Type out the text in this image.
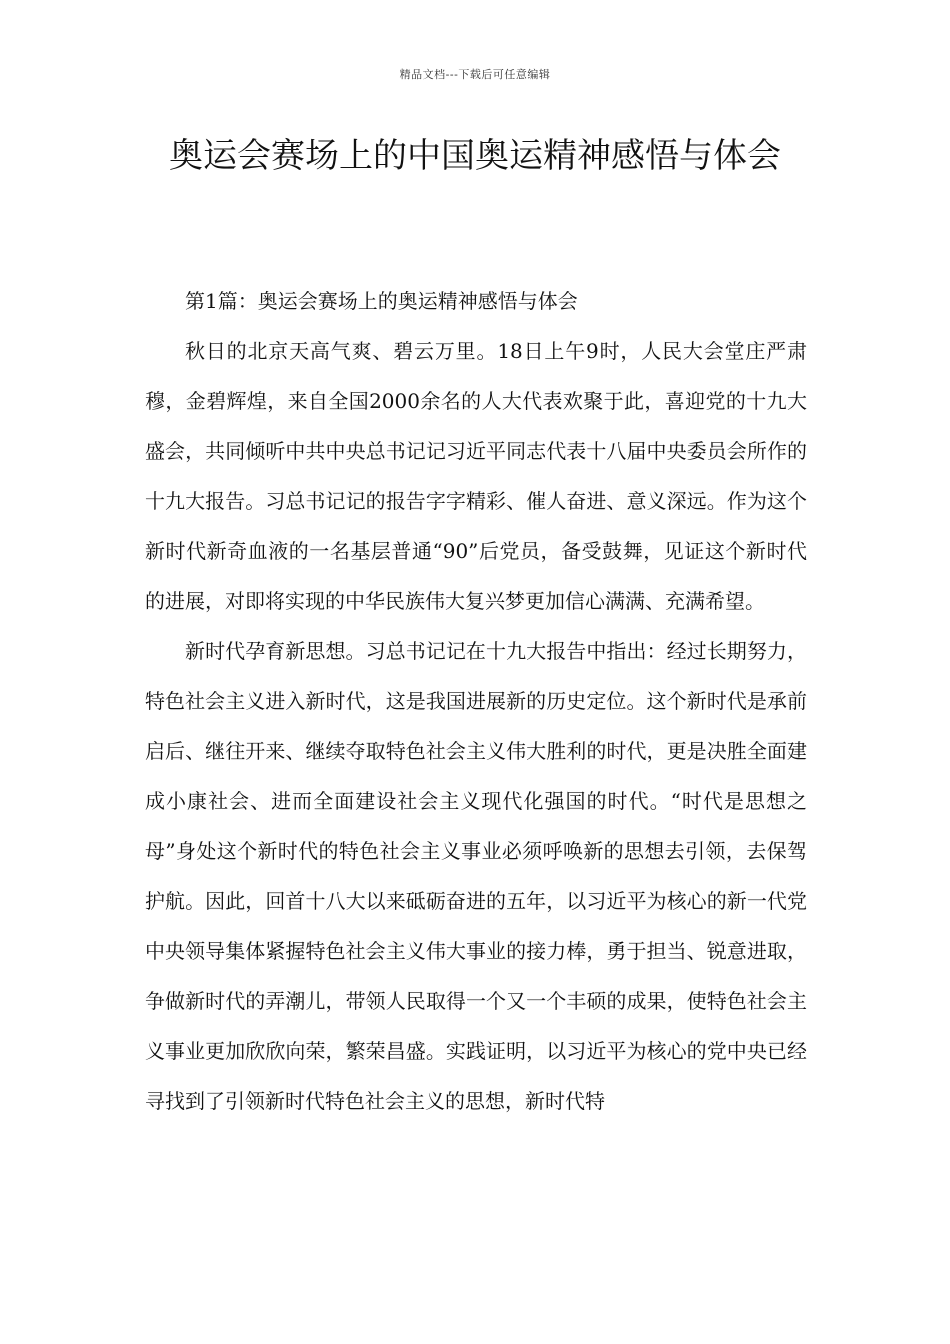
精品文档---下载后可任意编辑
奥运会赛场上的中国奥运精神感悟与体会

第1篇：奥运会赛场上的奥运精神感悟与体会

秋日的北京天高气爽、碧云万里。18日上午9时，人民大会堂庄严肃穆，金碧辉煌，来自全国2000余名的人大代表欢聚于此，喜迎党的十九大盛会，共同倾听中共中央总书记记习近平同志代表十八届中央委员会所作的十九大报告。习总书记记的报告字字精彩、催人奋进、意义深远。作为这个新时代新奇血液的一名基层普通“90”后党员，备受鼓舞，见证这个新时代的进展，对即将实现的中华民族伟大复兴梦更加信心满满、充满希望。

新时代孕育新思想。习总书记记在十九大报告中指出：经过长期努力，特色社会主义进入新时代，这是我国进展新的历史定位。这个新时代是承前启后、继往开来、继续夺取特色社会主义伟大胜利的时代，更是决胜全面建成小康社会、进而全面建设社会主义现代化强国的时代。“时代是思想之母”身处这个新时代的特色社会主义事业必须呼唤新的思想去引领，去保驾护航。因此，回首十八大以来砥砺奋进的五年，以习近平为核心的新一代党中央领导集体紧握特色社会主义伟大事业的接力棒，勇于担当、锐意进取，争做新时代的弄潮儿，带领人民取得一个又一个丰硕的成果，使特色社会主义事业更加欣欣向荣，繁荣昌盛。实践证明，以习近平为核心的党中央已经寻找到了引领新时代特色社会主义的思想，新时代特
